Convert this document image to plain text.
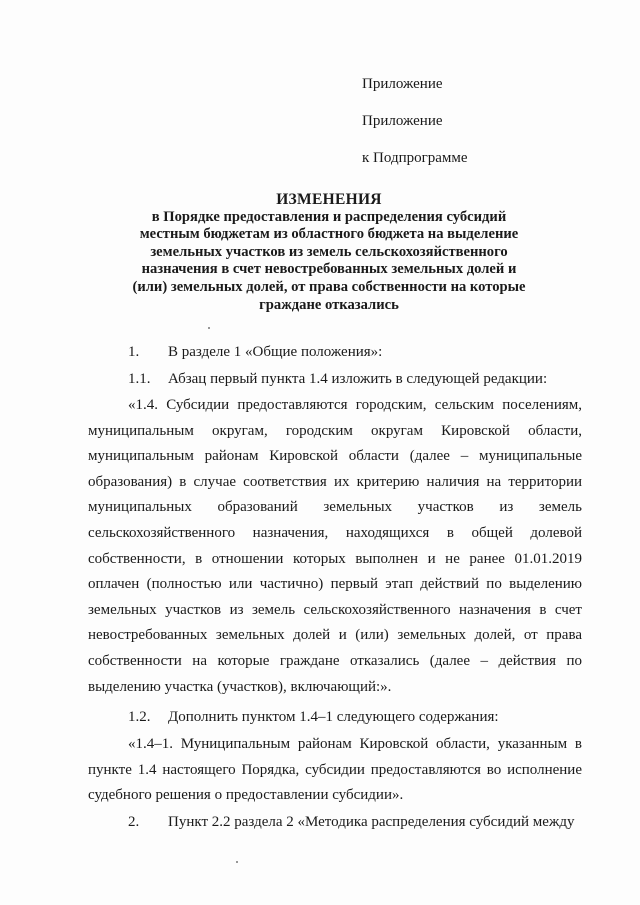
Приложение
Приложение
к Подпрограмме
ИЗМЕНЕНИЯ
в Порядке предоставления и распределения субсидий
местным бюджетам из областного бюджета на выделение
земельных участков из земель сельскохозяйственного
назначения в счет невостребованных земельных долей и
(или) земельных долей, от права собственности на которые
граждане отказались
1. В разделе 1 «Общие положения»:
1.1. Абзац первый пункта 1.4 изложить в следующей редакции:

«1.4. Субсидии предоставляются городским, сельским поселениям, муниципальным округам, городским округам Кировской области, муниципальным районам Кировской области (далее – муниципальные образования) в случае соответствия их критерию наличия на территории муниципальных образований земельных участков из земель сельскохозяйственного назначения, находящихся в общей долевой собственности, в отношении которых выполнен и не ранее 01.01.2019 оплачен (полностью или частично) первый этап действий по выделению земельных участков из земель сельскохозяйственного назначения в счет невостребованных земельных долей и (или) земельных долей, от права собственности на которые граждане отказались (далее – действия по выделению участка (участков), включающий:».

1.2. Дополнить пунктом 1.4–1 следующего содержания:

«1.4–1. Муниципальным районам Кировской области, указанным в пункте 1.4 настоящего Порядка, субсидии предоставляются во исполнение судебного решения о предоставлении субсидии».

2. Пункт 2.2 раздела 2 «Методика распределения субсидий между
